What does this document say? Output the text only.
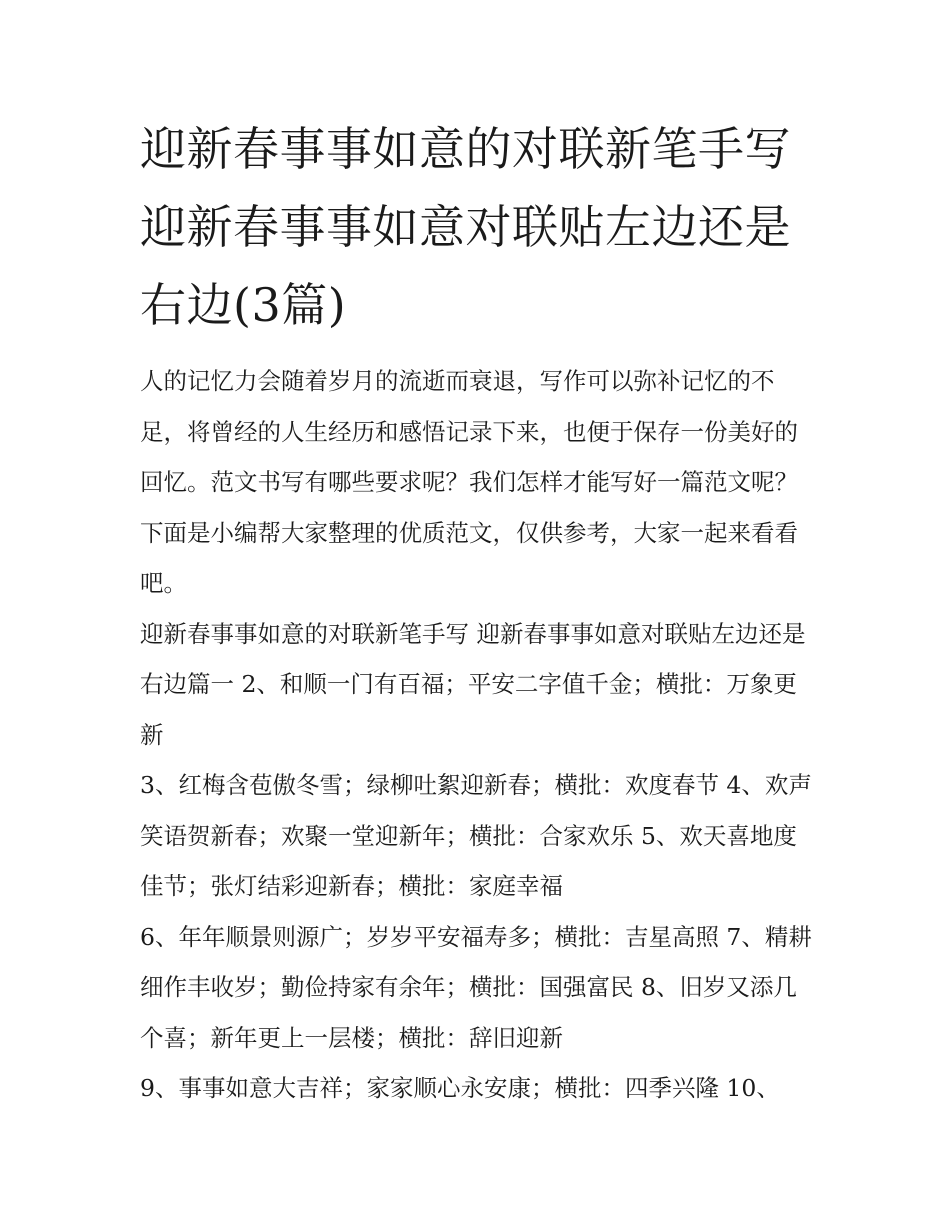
迎新春事事如意的对联新笔手写 迎新春事事如意对联贴左边还是右边(3篇)

人的记忆力会随着岁月的流逝而衰退，写作可以弥补记忆的不足，将曾经的人生经历和感悟记录下来，也便于保存一份美好的回忆。范文书写有哪些要求呢？我们怎样才能写好一篇范文呢？下面是小编帮大家整理的优质范文，仅供参考，大家一起来看看吧。

迎新春事事如意的对联新笔手写 迎新春事事如意对联贴左边还是右边篇一 2、和顺一门有百福；平安二字值千金；横批：万象更新

3、红梅含苞傲冬雪；绿柳吐絮迎新春；横批：欢度春节 4、欢声笑语贺新春；欢聚一堂迎新年；横批：合家欢乐 5、欢天喜地度佳节；张灯结彩迎新春；横批：家庭幸福

6、年年顺景则源广；岁岁平安福寿多；横批：吉星高照 7、精耕细作丰收岁；勤俭持家有余年；横批：国强富民 8、旧岁又添几个喜；新年更上一层楼；横批：辞旧迎新

9、事事如意大吉祥；家家顺心永安康；横批：四季兴隆 10、
